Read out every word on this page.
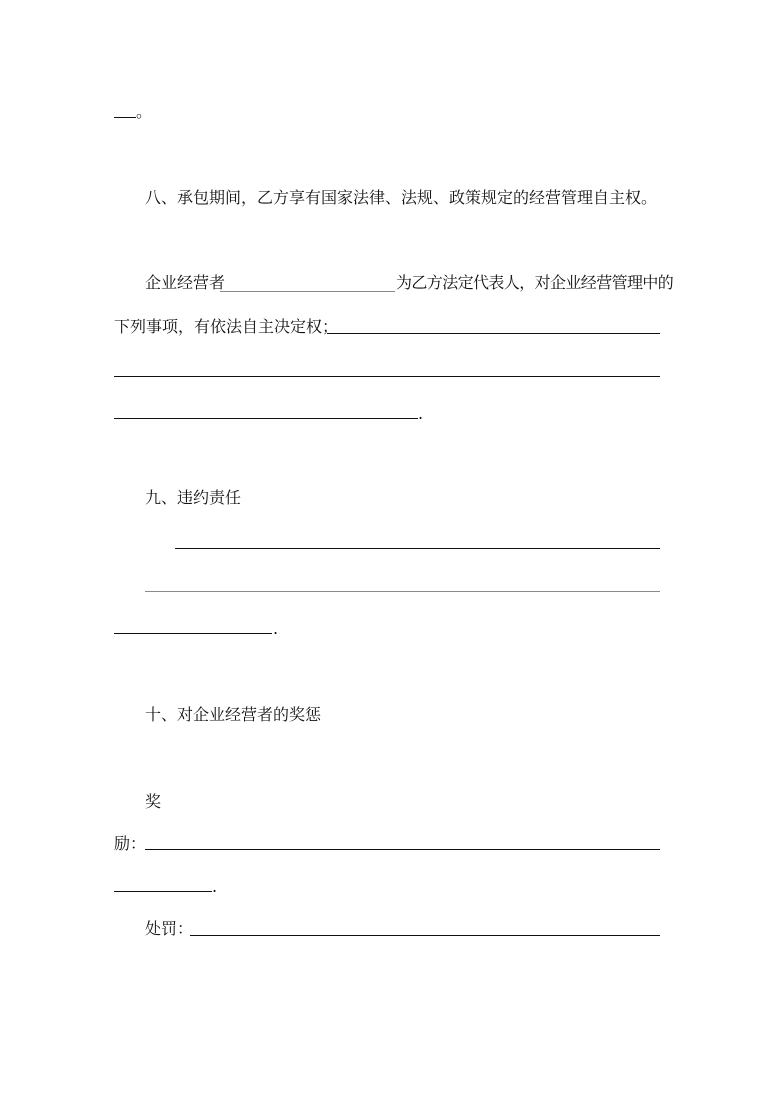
。
八、承包期间，乙方享有国家法律、法规、政策规定的经营管理自主权。
企业经营者	为乙方法定代表人，对企业经营管理中的
下列事项，有依法自主决定权；
.
九、违约责任
.
十、对企业经营者的奖惩
奖
励：
.
处罚：
